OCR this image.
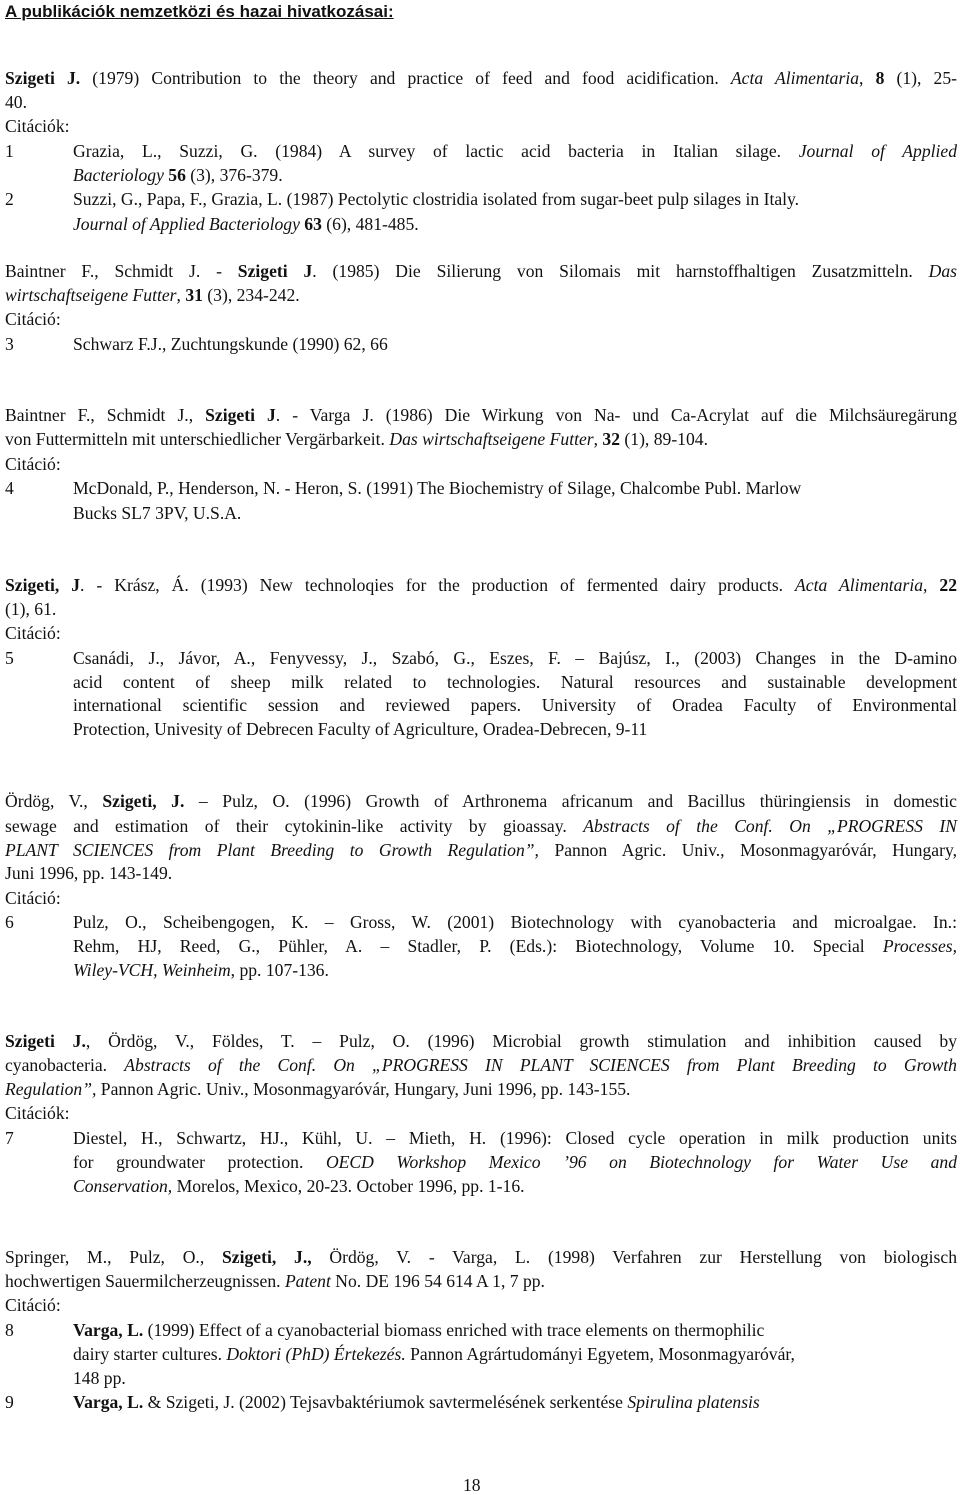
A publikációk nemzetközi és hazai hivatkozásai:
Szigeti J. (1979) Contribution to the theory and practice of feed and food acidification. Acta Alimentaria, 8 (1), 25-
40.
Citációk:
1	Grazia, L., Suzzi, G. (1984) A survey of lactic acid bacteria in Italian silage. Journal of Applied
Bacteriology 56 (3), 376-379.
2	Suzzi, G., Papa, F., Grazia, L. (1987) Pectolytic clostridia isolated from sugar-beet pulp silages in Italy.
Journal of Applied Bacteriology 63 (6), 481-485.
Baintner F., Schmidt J. - Szigeti J. (1985) Die Silierung von Silomais mit harnstoffhaltigen Zusatzmitteln. Das
wirtschaftseigene Futter, 31 (3), 234-242.
Citáció:
3	Schwarz F.J., Zuchtungskunde (1990) 62, 66
Baintner F., Schmidt J., Szigeti J. - Varga J. (1986) Die Wirkung von Na- und Ca-Acrylat auf die Milchsäuregärung
von Futtermitteln mit unterschiedlicher Vergärbarkeit. Das wirtschaftseigene Futter, 32 (1), 89-104.
Citáció:
4	McDonald, P., Henderson, N. - Heron, S. (1991) The Biochemistry of Silage, Chalcombe Publ. Marlow
Bucks SL7 3PV, U.S.A.
Szigeti, J. - Krász, Á. (1993) New technoloqies for the production of fermented dairy products. Acta Alimentaria, 22
(1), 61.
Citáció:
5	Csanádi, J., Jávor, A., Fenyvessy, J., Szabó, G., Eszes, F. – Bajúsz, I., (2003) Changes in the D-amino
acid content of sheep milk related to technologies. Natural resources and sustainable development
international scientific session and reviewed papers. University of Oradea Faculty of Environmental
Protection, Univesity of Debrecen Faculty of Agriculture, Oradea-Debrecen, 9-11
Ördög, V., Szigeti, J. – Pulz, O. (1996) Growth of Arthronema africanum and Bacillus thüringiensis in domestic
sewage and estimation of their cytokinin-like activity by gioassay. Abstracts of the Conf. On „PROGRESS IN
PLANT SCIENCES from Plant Breeding to Growth Regulation”, Pannon Agric. Univ., Mosonmagyaróvár, Hungary,
Juni 1996, pp. 143-149.
Citáció:
6	Pulz, O., Scheibengogen, K. – Gross, W. (2001) Biotechnology with cyanobacteria and microalgae. In.:
Rehm, HJ, Reed, G., Pühler, A. – Stadler, P. (Eds.): Biotechnology, Volume 10. Special Processes,
Wiley-VCH, Weinheim, pp. 107-136.
Szigeti J., Ördög, V., Földes, T. – Pulz, O. (1996) Microbial growth stimulation and inhibition caused by
cyanobacteria. Abstracts of the Conf. On „PROGRESS IN PLANT SCIENCES from Plant Breeding to Growth
Regulation”, Pannon Agric. Univ., Mosonmagyaróvár, Hungary, Juni 1996, pp. 143-155.
Citációk:
7	Diestel, H., Schwartz, HJ., Kühl, U. – Mieth, H. (1996): Closed cycle operation in milk production units
for groundwater protection. OECD Workshop Mexico ’96 on Biotechnology for Water Use and
Conservation, Morelos, Mexico, 20-23. October 1996, pp. 1-16.
Springer, M., Pulz, O., Szigeti, J., Ördög, V. - Varga, L. (1998) Verfahren zur Herstellung von biologisch
hochwertigen Sauermilcherzeugnissen. Patent No. DE 196 54 614 A 1, 7 pp.
Citáció:
8	Varga, L. (1999) Effect of a cyanobacterial biomass enriched with trace elements on thermophilic
dairy starter cultures. Doktori (PhD) Értekezés. Pannon Agrártudományi Egyetem, Mosonmagyaróvár,
148 pp.
9	Varga, L. & Szigeti, J. (2002) Tejsavbaktériumok savtermelésének serkentése Spirulina platensis
18
